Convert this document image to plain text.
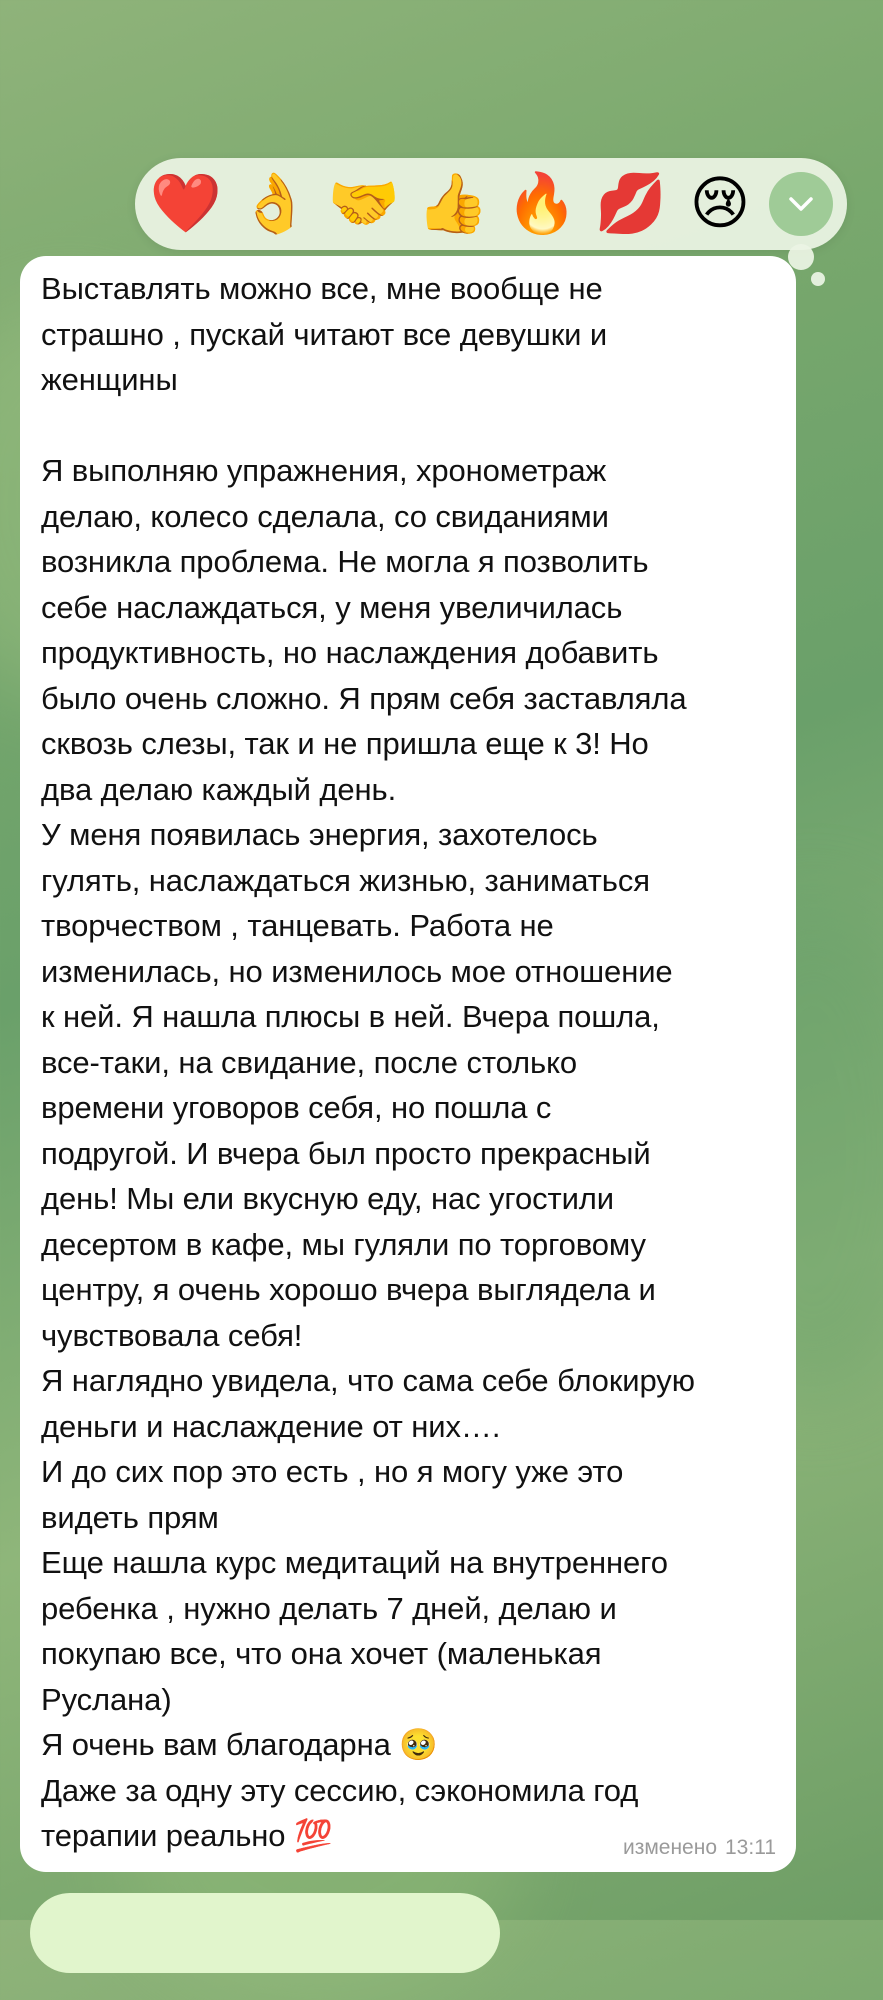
❤️ 👌 🤝 👍 🔥 💋 😢

Выставлять можно все, мне вообще не
страшно , пускай читают все девушки и
женщины

Я выполняю упражнения, хронометраж
делаю, колесо сделала, со свиданиями
возникла проблема. Не могла я позволить
себе наслаждаться, у меня увеличилась
продуктивность, но наслаждения добавить
было очень сложно. Я прям себя заставляла
сквозь слезы, так и не пришла еще к 3! Но
два делаю каждый день.
У меня появилась энергия, захотелось
гулять, наслаждаться жизнью, заниматься
творчеством , танцевать. Работа не
изменилась, но изменилось мое отношение
к ней. Я нашла плюсы в ней. Вчера пошла,
все-таки, на свидание, после столько
времени уговоров себя, но пошла с
подругой. И вчера был просто прекрасный
день! Мы ели вкусную еду, нас угостили
десертом в кафе, мы гуляли по торговому
центру, я очень хорошо вчера выглядела и
чувствовала себя!
Я наглядно увидела, что сама себе блокирую
деньги и наслаждение от них….
И до сих пор это есть , но я могу уже это
видеть прям
Еще нашла курс медитаций на внутреннего
ребенка , нужно делать 7 дней, делаю и
покупаю все, что она хочет (маленькая
Руслана)
Я очень вам благодарна 🥹
Даже за одну эту сессию, сэкономила год
терапии реально 💯	изменено 13:11
